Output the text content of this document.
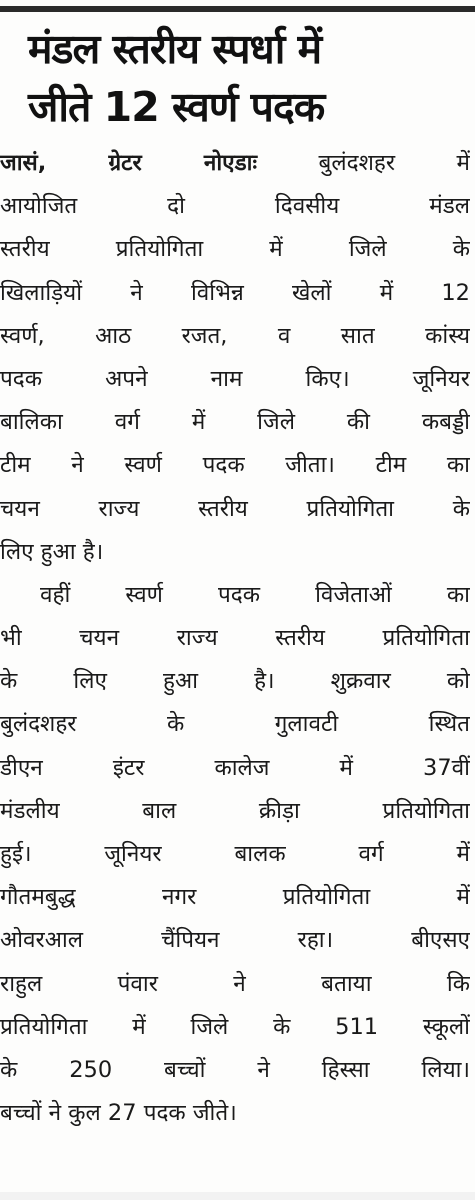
मंडल स्तरीय स्पर्धा में
जीते 12 स्वर्ण पदक
जासं, ग्रेटर नोएडाः	बुलंदशहर में
आयोजित दो दिवसीय मंडल
स्तरीय प्रतियोगिता में जिले के
खिलाड़ियों ने विभिन्न खेलों में 12
स्वर्ण, आठ रजत, व सात कांस्य
पदक अपने नाम किए। जूनियर
बालिका वर्ग में जिले की कबड्डी
टीम ने स्वर्ण पदक जीता। टीम का
चयन राज्य स्तरीय प्रतियोगिता के
लिए हुआ है।
वहीं स्वर्ण पदक विजेताओं का
भी चयन राज्य स्तरीय प्रतियोगिता
के लिए हुआ है। शुक्रवार को
बुलंदशहर के गुलावटी स्थित
डीएन इंटर कालेज में 37वीं
मंडलीय बाल क्रीड़ा प्रतियोगिता
हुई। जूनियर बालक वर्ग में
गौतमबुद्ध नगर प्रतियोगिता में
ओवरआल चैंपियन रहा। बीएसए
राहुल पंवार ने बताया कि
प्रतियोगिता में जिले के 511 स्कूलों
के 250 बच्चों ने हिस्सा लिया।
बच्चों ने कुल 27 पदक जीते।
